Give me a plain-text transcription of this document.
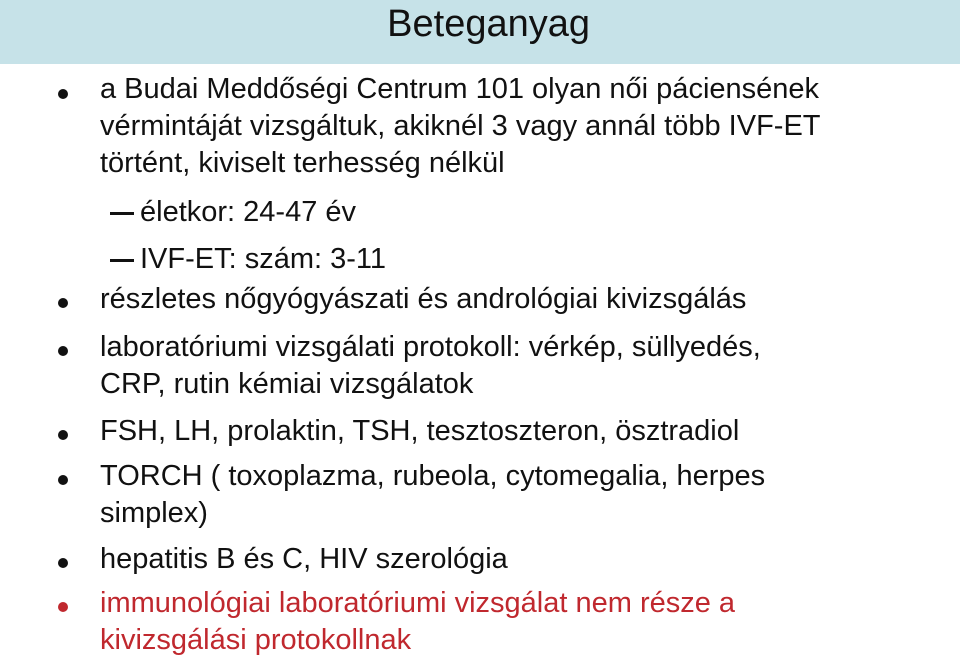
Beteganyag
a Budai Meddőségi Centrum 101 olyan női páciensének
vérmintáját vizsgáltuk, akiknél 3 vagy annál több IVF-ET
történt, kiviselt terhesség nélkül
életkor: 24-47 év
IVF-ET: szám: 3-11
részletes nőgyógyászati és andrológiai kivizsgálás
laboratóriumi vizsgálati protokoll: vérkép, süllyedés,
CRP, rutin kémiai vizsgálatok
FSH, LH, prolaktin, TSH, tesztoszteron, ösztradiol
TORCH ( toxoplazma, rubeola, cytomegalia, herpes
simplex)
hepatitis B és C, HIV szerológia
immunológiai laboratóriumi vizsgálat nem része a
kivizsgálási protokollnak
